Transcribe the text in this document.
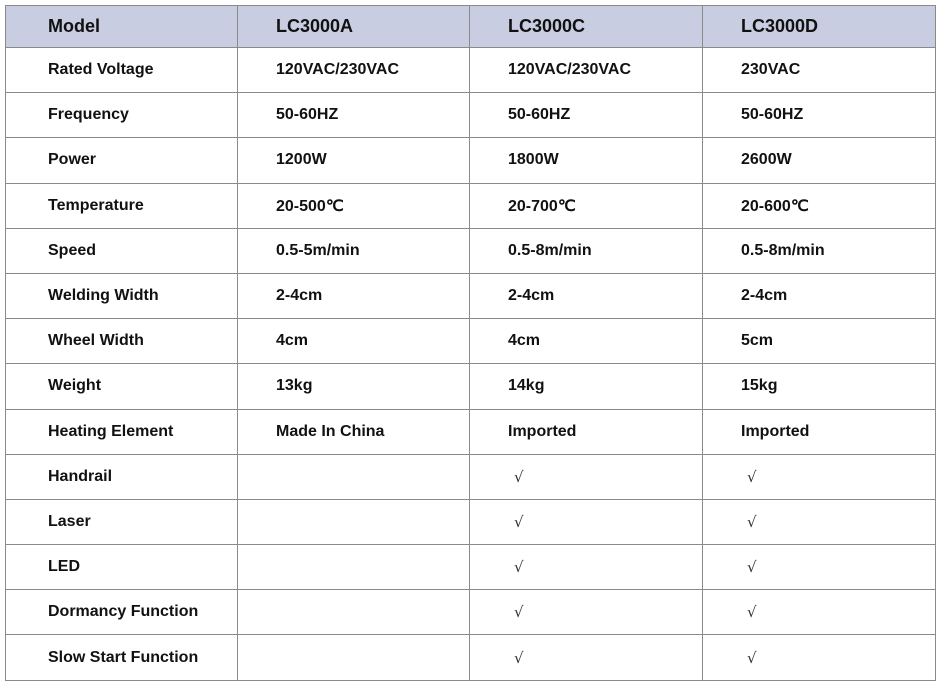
Model	LC3000A	LC3000C	LC3000D
Rated Voltage	120VAC/230VAC	120VAC/230VAC	230VAC
Frequency	50-60HZ	50-60HZ	50-60HZ
Power	1200W	1800W	2600W
Temperature	20-500℃	20-700℃	20-600℃
Speed	0.5-5m/min	0.5-8m/min	0.5-8m/min
Welding Width	2-4cm	2-4cm	2-4cm
Wheel Width	4cm	4cm	5cm
Weight	13kg	14kg	15kg
Heating Element	Made In China	Imported	Imported
Handrail		√	√
Laser		√	√
LED		√	√
Dormancy Function		√	√
Slow Start Function		√	√
